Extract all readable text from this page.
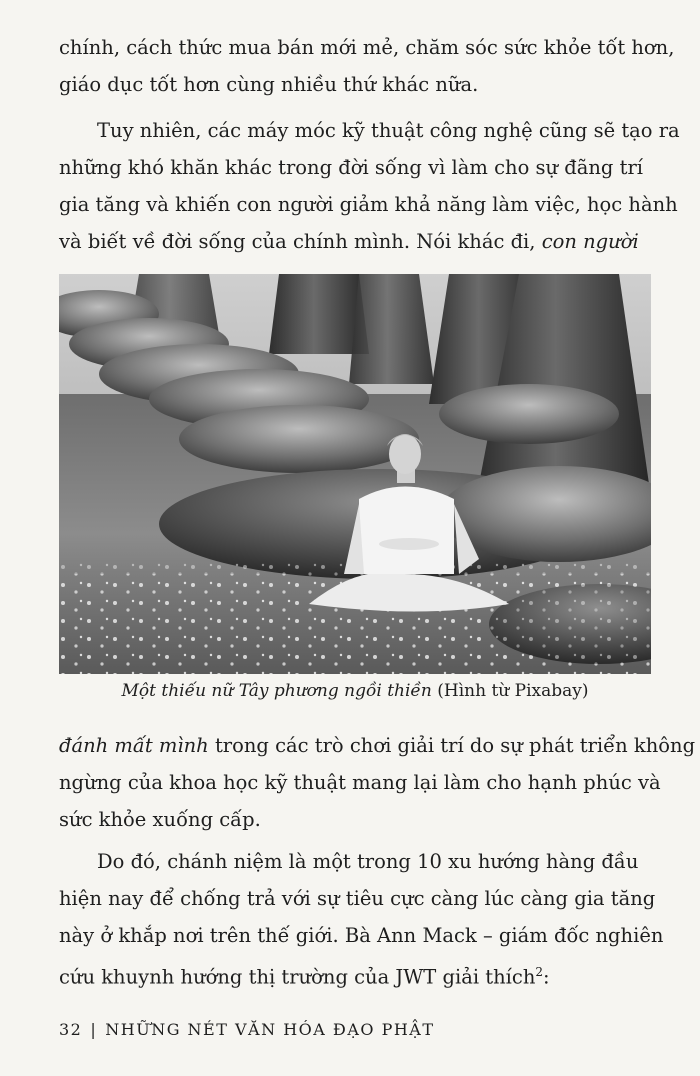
chính, cách thức mua bán mới mẻ, chăm sóc sức khỏe tốt hơn,
giáo dục tốt hơn cùng nhiều thứ khác nữa.

Tuy nhiên, các máy móc kỹ thuật công nghệ cũng sẽ tạo ra
những khó khăn khác trong đời sống vì làm cho sự đãng trí
gia tăng và khiến con người giảm khả năng làm việc, học hành
và biết về đời sống của chính mình. Nói khác đi, con người

Một thiếu nữ Tây phương ngồi thiền (Hình từ Pixabay)

đánh mất mình trong các trò chơi giải trí do sự phát triển không
ngừng của khoa học kỹ thuật mang lại làm cho hạnh phúc và
sức khỏe xuống cấp.

Do đó, chánh niệm là một trong 10 xu hướng hàng đầu
hiện nay để chống trả với sự tiêu cực càng lúc càng gia tăng
này ở khắp nơi trên thế giới. Bà Ann Mack – giám đốc nghiên
cứu khuynh hướng thị trường của JWT giải thích$^2$:

32 | NHỮNG NÉT VĂN HÓA ĐẠO PHẬT
